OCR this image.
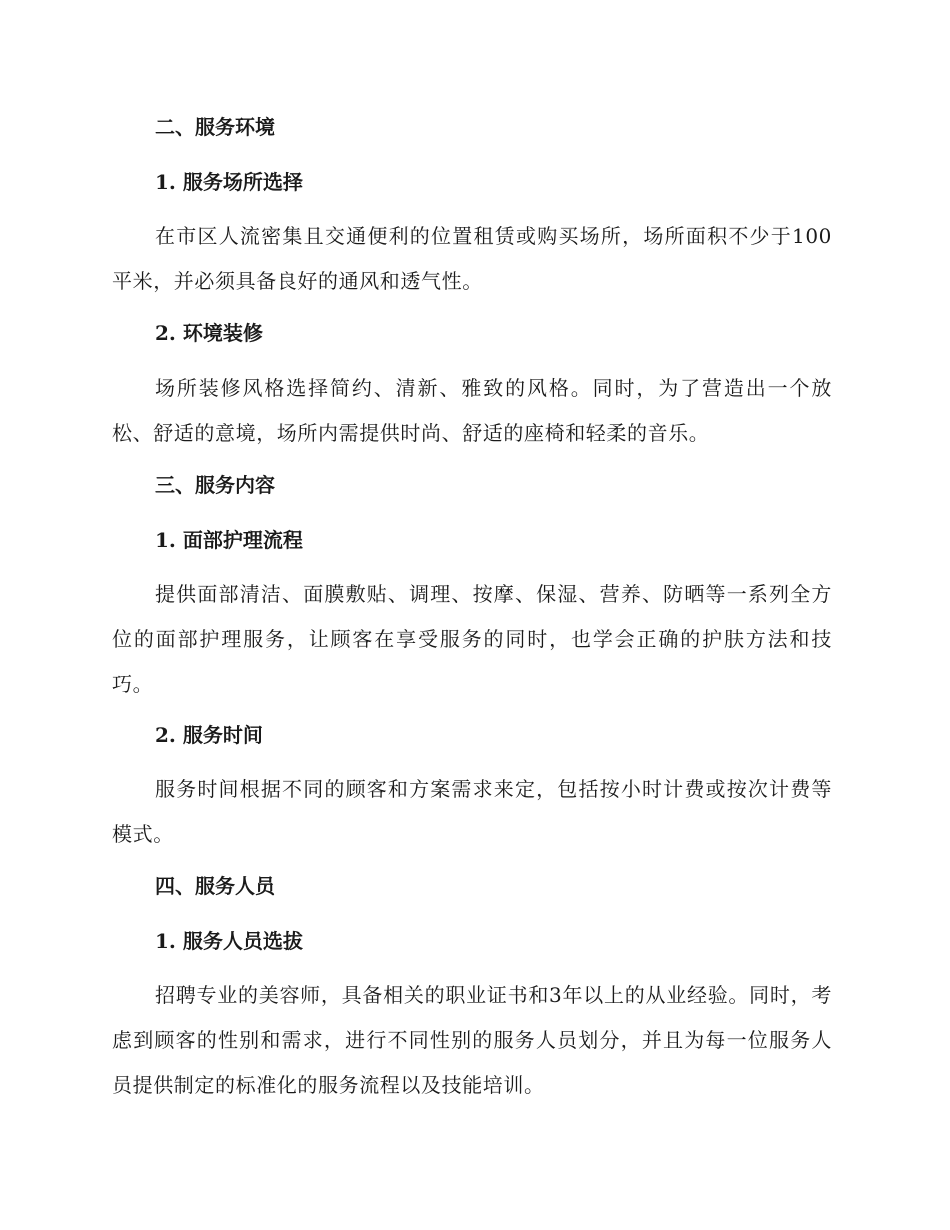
二、服务环境
1. 服务场所选择

在市区人流密集且交通便利的位置租赁或购买场所，场所面积不少于100平米，并必须具备良好的通风和透气性。

2. 环境装修

场所装修风格选择简约、清新、雅致的风格。同时，为了营造出一个放松、舒适的意境，场所内需提供时尚、舒适的座椅和轻柔的音乐。

三、服务内容
1. 面部护理流程

提供面部清洁、面膜敷贴、调理、按摩、保湿、营养、防晒等一系列全方位的面部护理服务，让顾客在享受服务的同时，也学会正确的护肤方法和技巧。

2. 服务时间

服务时间根据不同的顾客和方案需求来定，包括按小时计费或按次计费等模式。

四、服务人员
1. 服务人员选拔

招聘专业的美容师，具备相关的职业证书和3年以上的从业经验。同时，考虑到顾客的性别和需求，进行不同性别的服务人员划分，并且为每一位服务人员提供制定的标准化的服务流程以及技能培训。
